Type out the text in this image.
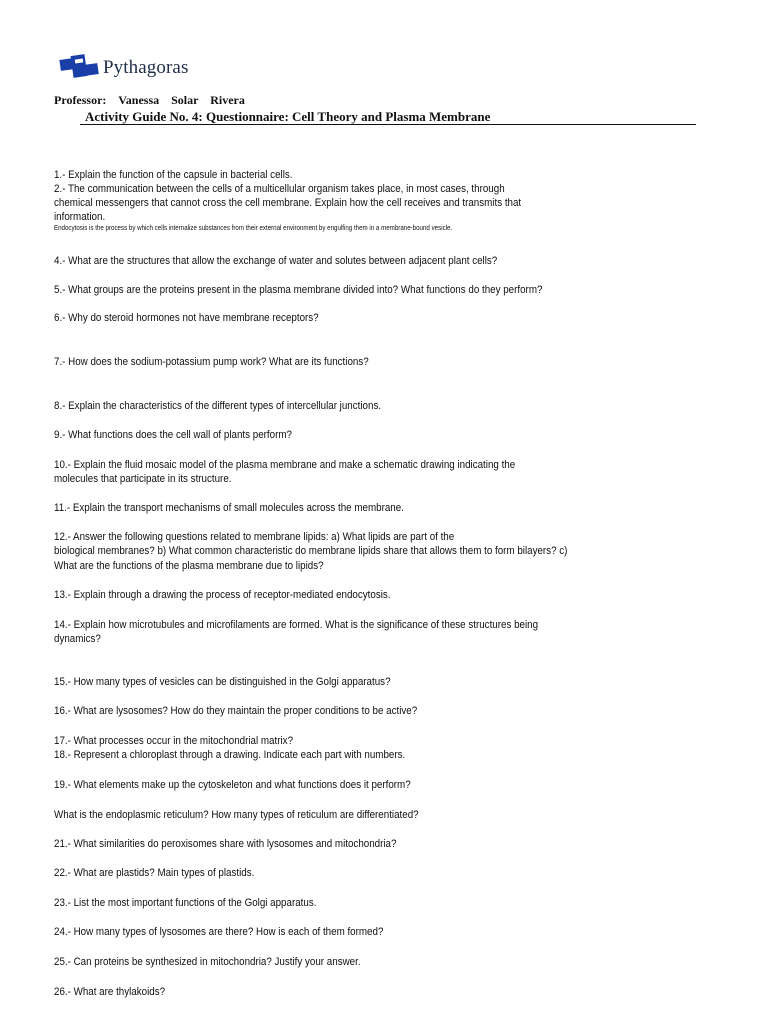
Pythagoras
Professor:    Vanessa    Solar    Rivera
Activity Guide No. 4: Questionnaire: Cell Theory and Plasma Membrane
1.- Explain the function of the capsule in bacterial cells.
2.- The communication between the cells of a multicellular organism takes place, in most cases, through
chemical messengers that cannot cross the cell membrane. Explain how the cell receives and transmits that
information.
Endocytosis is the process by which cells internalize substances from their external environment by engulfing them in a membrane-bound vesicle.
4.- What are the structures that allow the exchange of water and solutes between adjacent plant cells?
5.- What groups are the proteins present in the plasma membrane divided into? What functions do they perform?
6.- Why do steroid hormones not have membrane receptors?
7.- How does the sodium-potassium pump work? What are its functions?
8.- Explain the characteristics of the different types of intercellular junctions.
9.- What functions does the cell wall of plants perform?
10.- Explain the fluid mosaic model of the plasma membrane and make a schematic drawing indicating the
molecules that participate in its structure.
11.- Explain the transport mechanisms of small molecules across the membrane.
12.- Answer the following questions related to membrane lipids: a) What lipids are part of the
biological membranes? b) What common characteristic do membrane lipids share that allows them to form bilayers? c)
What are the functions of the plasma membrane due to lipids?
13.- Explain through a drawing the process of receptor-mediated endocytosis.
14.- Explain how microtubules and microfilaments are formed. What is the significance of these structures being
dynamics?
15.- How many types of vesicles can be distinguished in the Golgi apparatus?
16.- What are lysosomes? How do they maintain the proper conditions to be active?
17.- What processes occur in the mitochondrial matrix?
18.- Represent a chloroplast through a drawing. Indicate each part with numbers.
19.- What elements make up the cytoskeleton and what functions does it perform?
What is the endoplasmic reticulum? How many types of reticulum are differentiated?
21.- What similarities do peroxisomes share with lysosomes and mitochondria?
22.- What are plastids? Main types of plastids.
23.- List the most important functions of the Golgi apparatus.
24.- How many types of lysosomes are there? How is each of them formed?
25.- Can proteins be synthesized in mitochondria? Justify your answer.
26.- What are thylakoids?
